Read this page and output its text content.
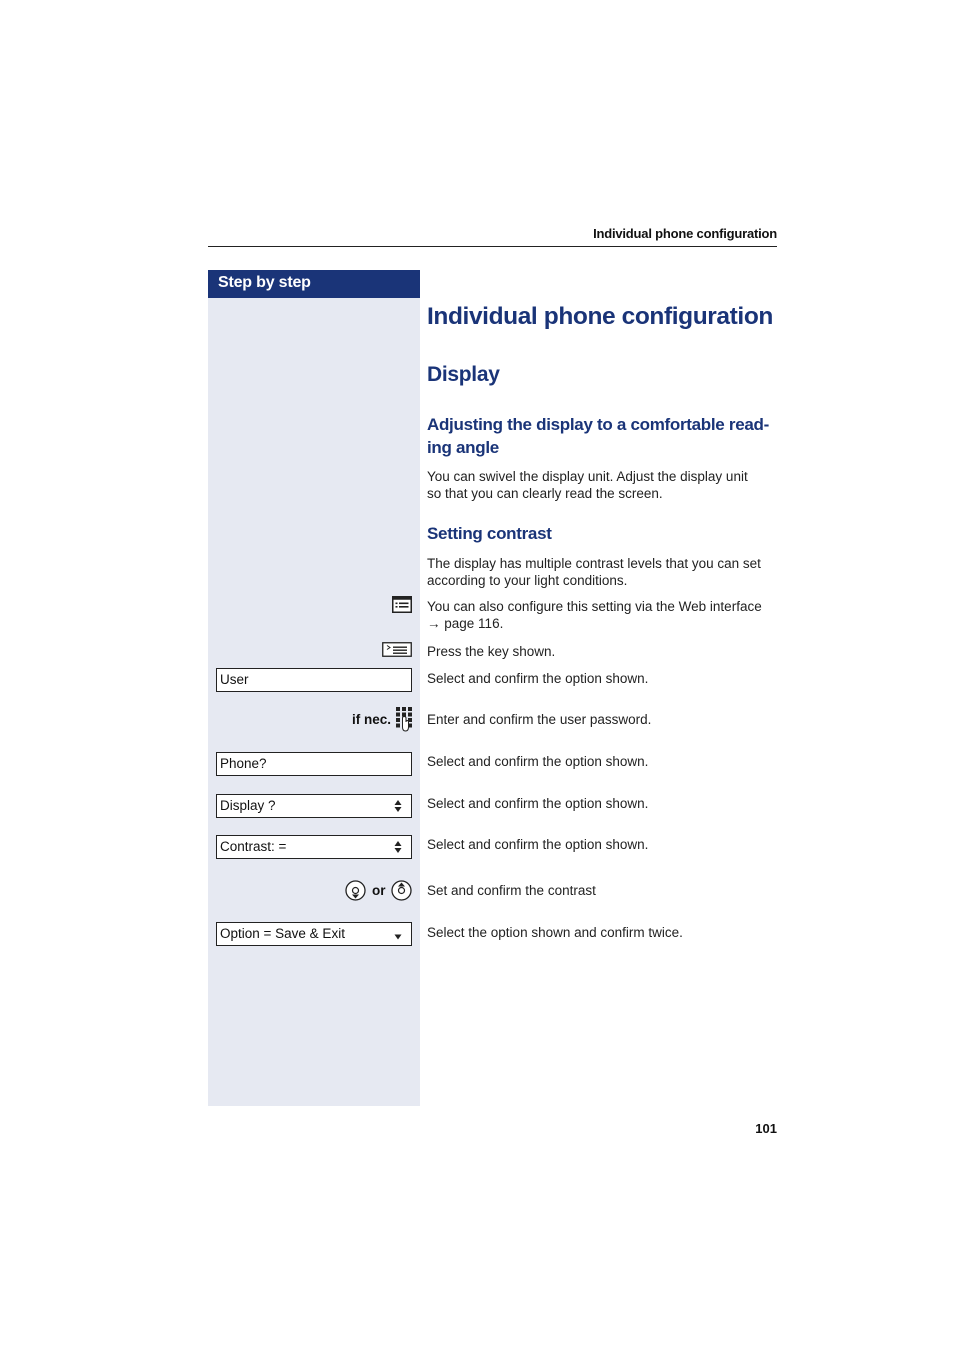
Individual phone configuration
Step by step
Individual phone configuration
Display
Adjusting the display to a comfortable read-
ing angle
You can swivel the display unit. Adjust the display unit
so that you can clearly read the screen.
Setting contrast
The display has multiple contrast levels that you can set
according to your light conditions.
You can also configure this setting via the Web interface
→ page 116.
Press the key shown.
User	Select and confirm the option shown.
if nec.	Enter and confirm the user password.
Phone?	Select and confirm the option shown.
Display ?	Select and confirm the option shown.
Contrast: =	Select and confirm the option shown.
or	Set and confirm the contrast
Option = Save & Exit	Select the option shown and confirm twice.
101
